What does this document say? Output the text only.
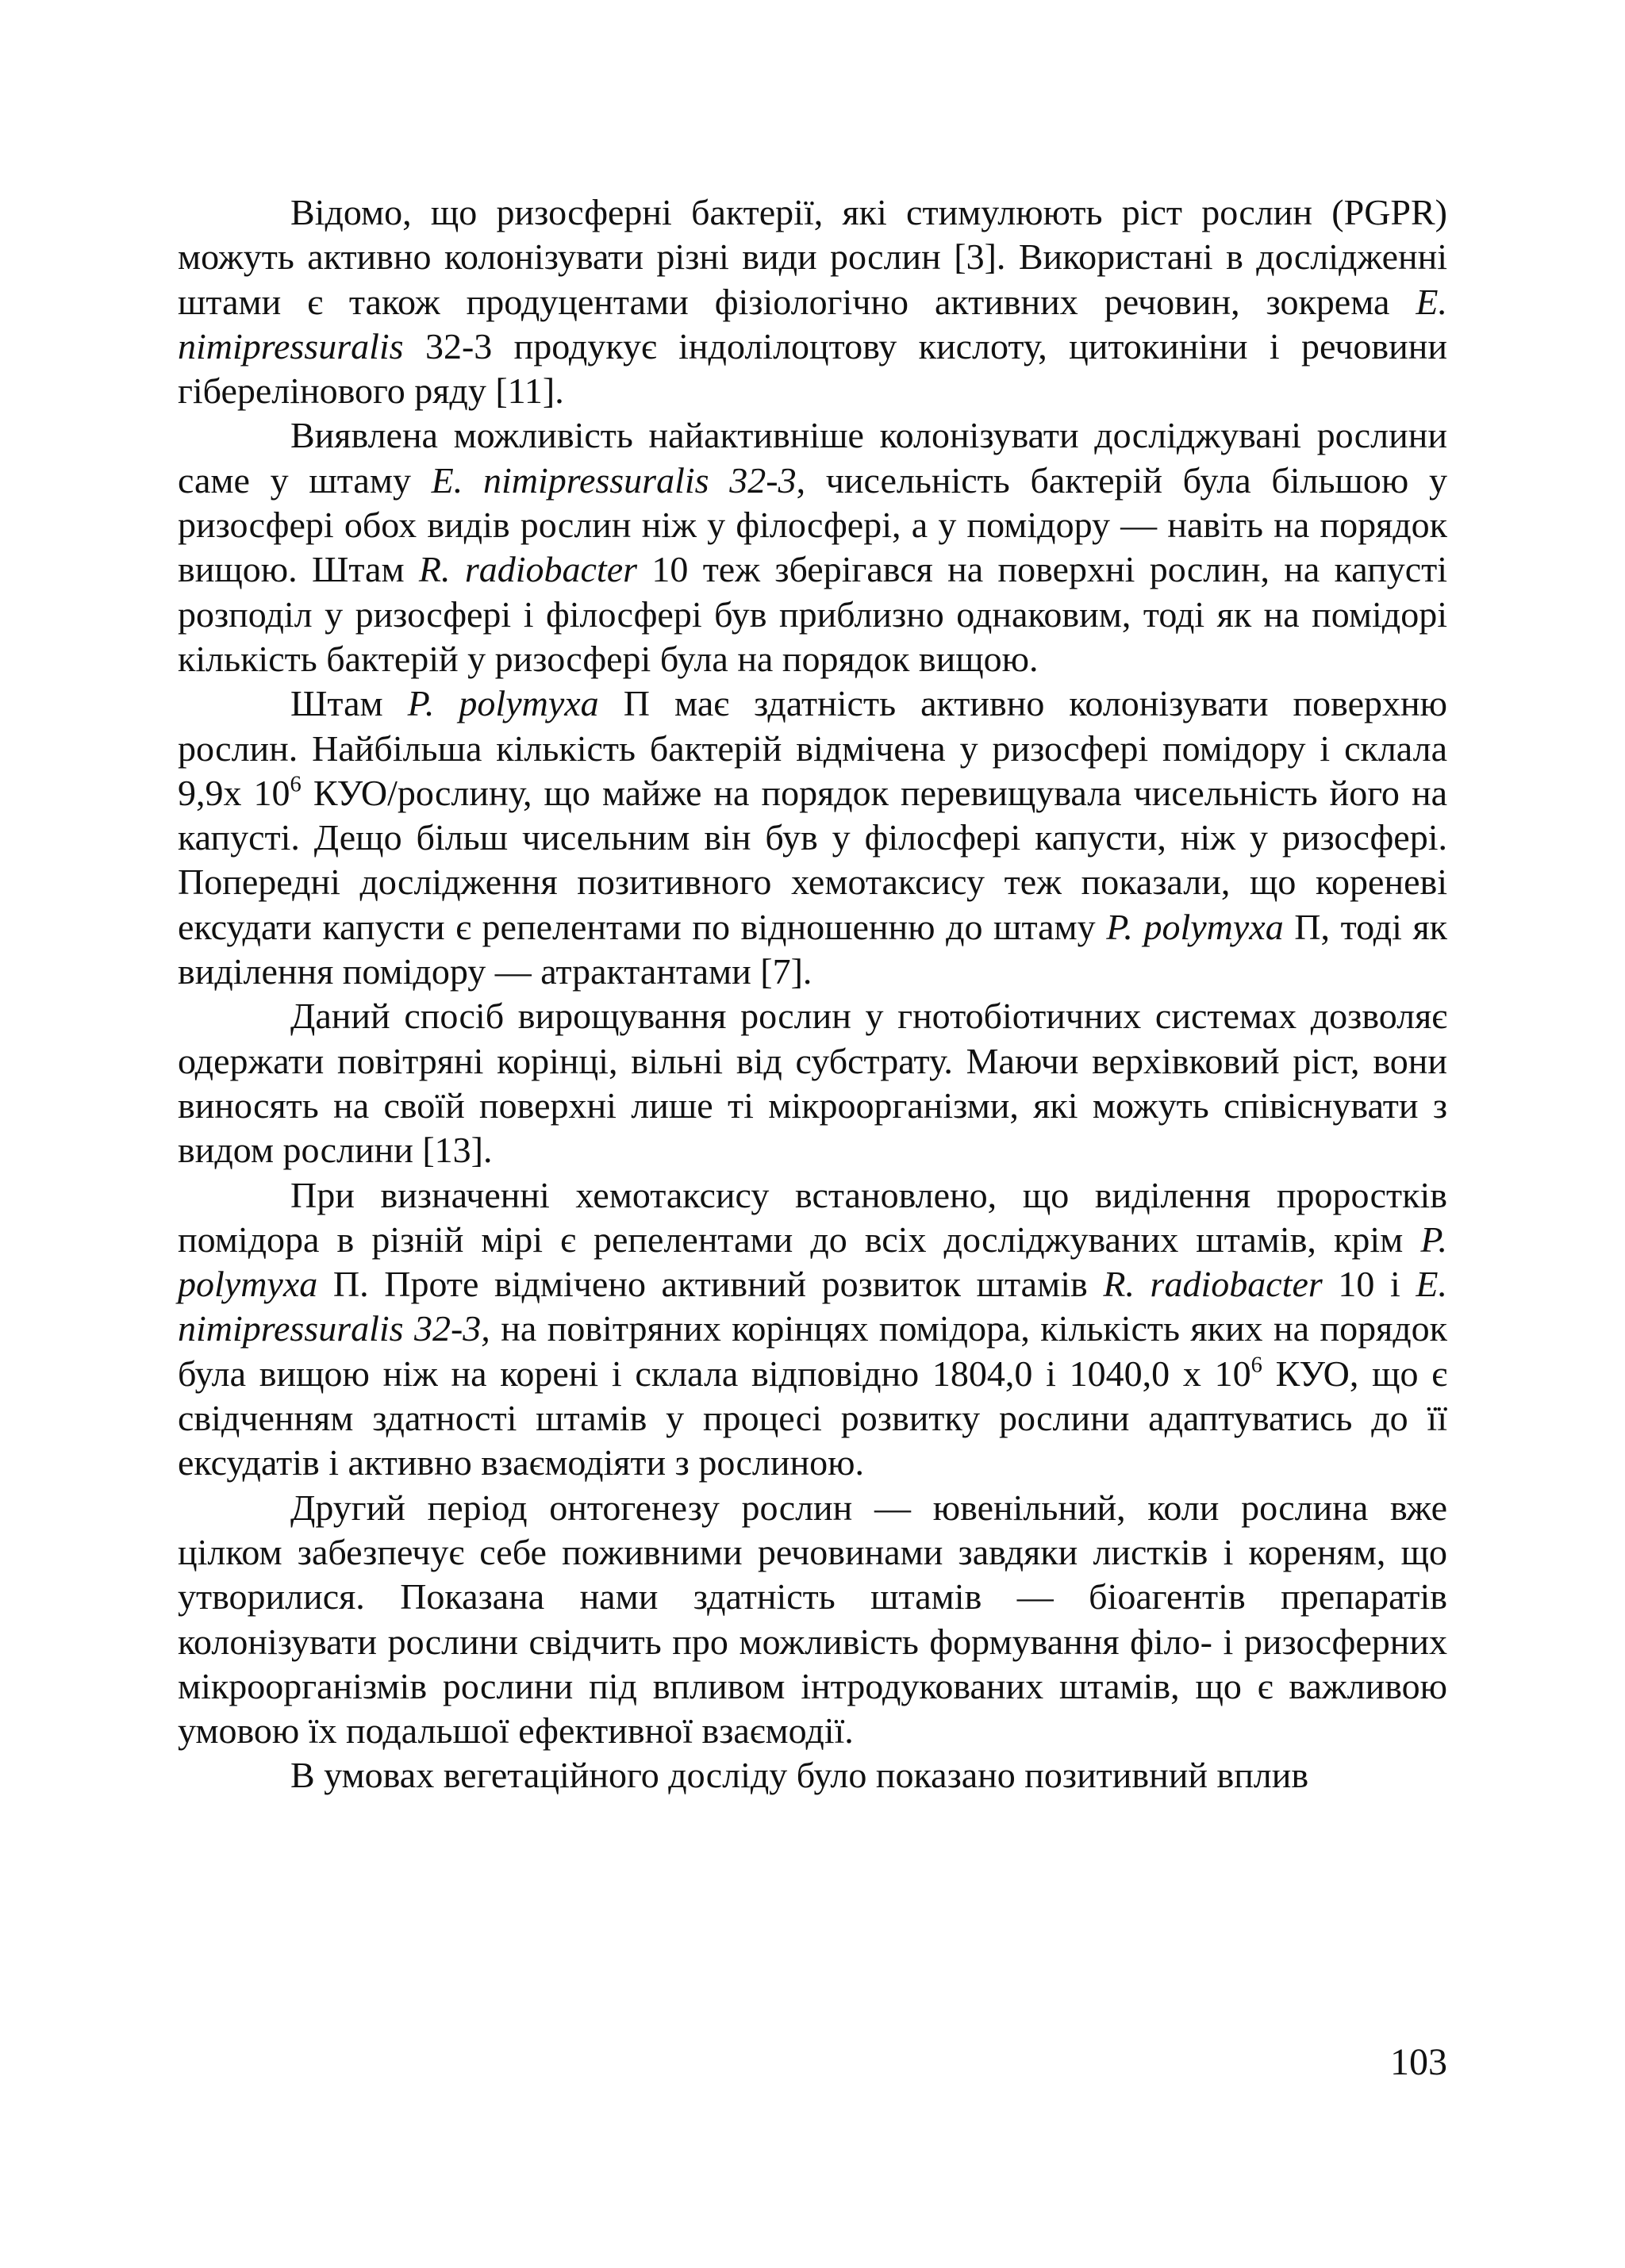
Відомо, що ризосферні бактерії, які стимулюють ріст рослин (PGPR) можуть активно колонізувати різні види рослин [3]. Використані в дослідженні штами є також продуцентами фізіологічно активних речовин, зокрема E. nimipressuralis 32-3 продукує індолілоцтову кислоту, цитокиніни і речовини гіберелінового ряду [11].

Виявлена можливість найактивніше колонізувати досліджувані рослини саме у штаму E. nimipressuralis 32-3, чисельність бактерій була більшою у ризосфері обох видів рослин ніж у філосфері, а у помідору — навіть на порядок вищою. Штам R. radiobacter 10 теж зберігався на поверхні рослин, на капусті розподіл у ризосфері і філосфері був приблизно однаковим, тоді як на помідорі кількість бактерій у ризосфері була на порядок вищою.

Штам P. polymyxa П має здатність активно колонізувати поверхню рослин. Найбільша кількість бактерій відмічена у ризосфері помідору і склала 9,9х $10^6$ КУО/рослину, що майже на порядок перевищувала чисельність його на капусті. Дещо більш чисельним він був у філосфері капусти, ніж у ризосфері. Попередні дослідження позитивного хемотаксису теж показали, що кореневі ексудати капусти є репелентами по відношенню до штаму P. polymyxa П, тоді як виділення помідору — атрактантами [7].

Даний спосіб вирощування рослин у гнотобіотичних системах дозволяє одержати повітряні корінці, вільні від субстрату. Маючи верхівковий ріст, вони виносять на своїй поверхні лише ті мікроорганізми, які можуть співіснувати з видом рослини [13].

При визначенні хемотаксису встановлено, що виділення проростків помідора в різній мірі є репелентами до всіх досліджуваних штамів, крім P. polymyxa П. Проте відмічено активний розвиток штамів R. radiobacter 10 і E. nimipressuralis 32-3, на повітряних корінцях помідора, кількість яких на порядок була вищою ніж на корені і склала відповідно 1804,0 і 1040,0 х $10^6$ КУО, що є свідченням здатності штамів у процесі розвитку рослини адаптуватись до її ексудатів і активно взаємодіяти з рослиною.

Другий період онтогенезу рослин — ювенільний, коли рослина вже цілком забезпечує себе поживними речовинами завдяки листків і кореням, що утворилися. Показана нами здатність штамів — біоагентів препаратів колонізувати рослини свідчить про можливість формування філо- і ризосферних мікроорганізмів рослини під впливом інтродукованих штамів, що є важливою умовою їх подальшої ефективної взаємодії.

В умовах вегетаційного досліду було показано позитивний вплив

103
